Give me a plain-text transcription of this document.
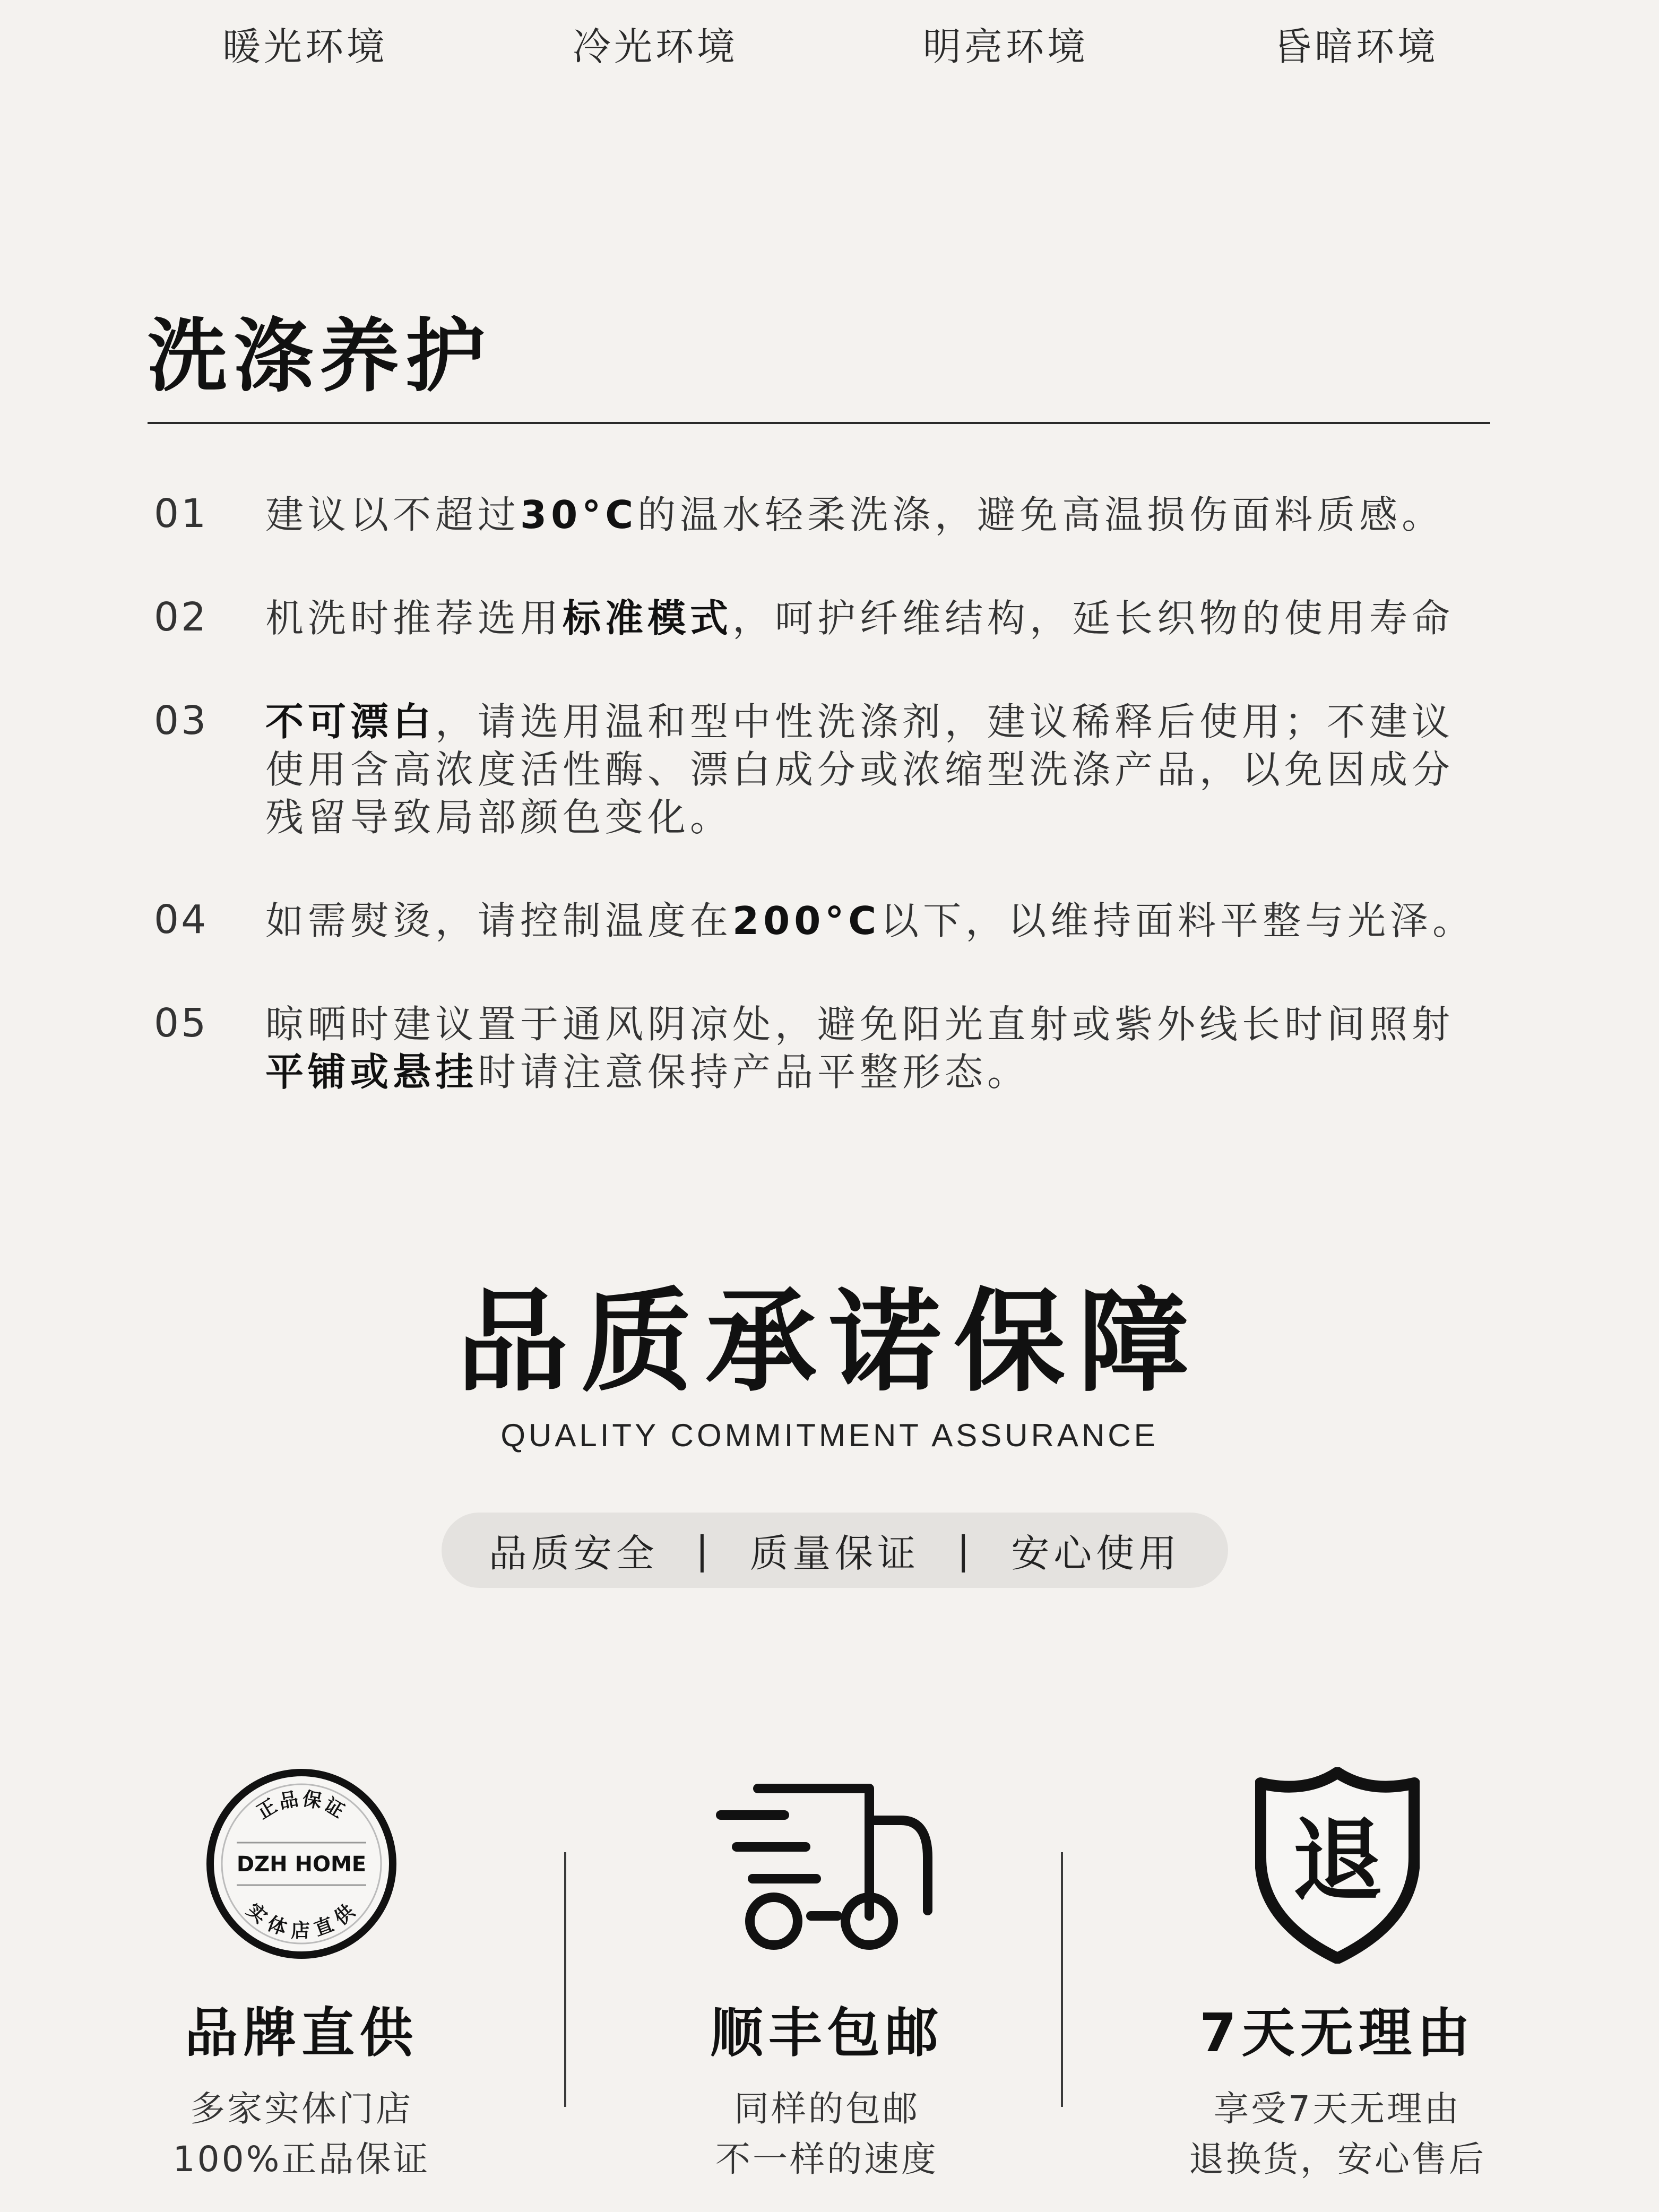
暖光环境	冷光环境	明亮环境	昏暗环境
洗涤养护
01 建议以不超过30°C的温水轻柔洗涤，避免高温损伤面料质感。
02 机洗时推荐选用标准模式，呵护纤维结构，延长织物的使用寿命
03 不可漂白，请选用温和型中性洗涤剂，建议稀释后使用；不建议
使用含高浓度活性酶、漂白成分或浓缩型洗涤产品，以免因成分
残留导致局部颜色变化。
04 如需熨烫，请控制温度在200°C以下，以维持面料平整与光泽。
05 晾晒时建议置于通风阴凉处，避免阳光直射或紫外线长时间照射
平铺或悬挂时请注意保持产品平整形态。
品质承诺保障
QUALITY COMMITMENT ASSURANCE
品质安全 | 质量保证 | 安心使用
正品保证
DZH HOME
实体店直供
品牌直供
多家实体门店
100%正品保证
顺丰包邮
同样的包邮
不一样的速度
退
7天无理由
享受7天无理由
退换货，安心售后
